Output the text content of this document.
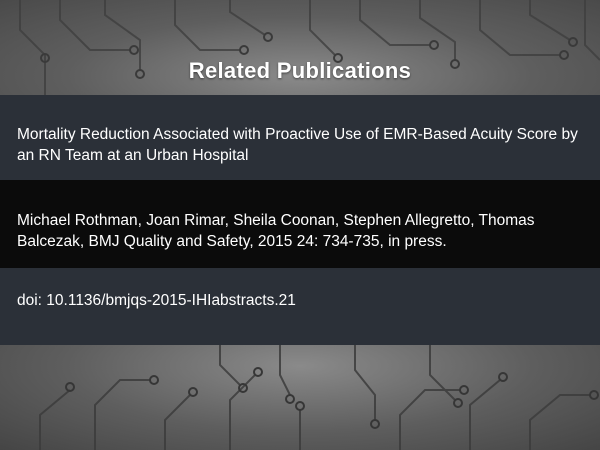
Related Publications
Mortality Reduction Associated with Proactive Use of EMR-Based Acuity Score by an RN Team at an Urban Hospital
Michael Rothman, Joan Rimar, Sheila Coonan, Stephen Allegretto, Thomas Balcezak, BMJ Quality and Safety, 2015 24: 734-735, in press.
doi: 10.1136/bmjqs-2015-IHIabstracts.21
